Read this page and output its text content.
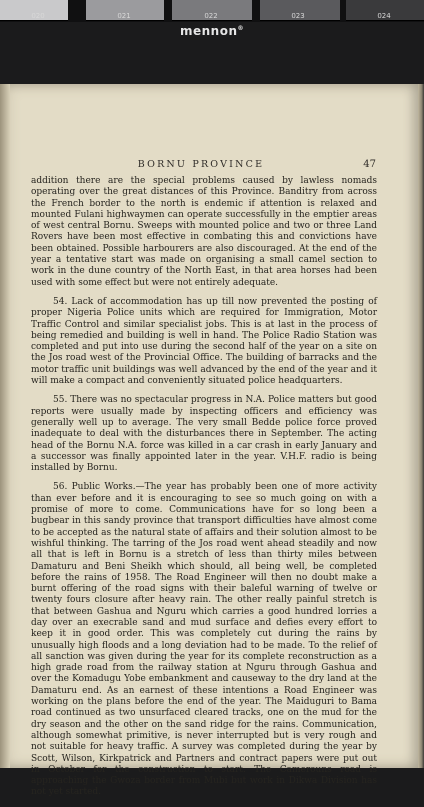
020	021	022	023	024
mennon®
BORNU PROVINCE	47

addition there are the special problems caused by lawless nomads operating over the great distances of this Province. Banditry from across the French border to the north is endemic if attention is relaxed and mounted Fulani highwaymen can operate successfully in the emptier areas of west central Bornu. Sweeps with mounted police and two or three Land Rovers have been most effective in combating this and convictions have been obtained. Possible harbourers are also discouraged. At the end of the year a tentative start was made on organising a small camel section to work in the dune country of the North East, in that area horses had been used with some effect but were not entirely adequate.

54. Lack of accommodation has up till now prevented the posting of proper Nigeria Police units which are required for Immigration, Motor Traffic Control and similar specialist jobs. This is at last in the process of being remedied and building is well in hand. The Police Radio Station was completed and put into use during the second half of the year on a site on the Jos road west of the Provincial Office. The building of barracks and the motor traffic unit buildings was well advanced by the end of the year and it will make a compact and conveniently situated police headquarters.

55. There was no spectacular progress in N.A. Police matters but good reports were usually made by inspecting officers and efficiency was generally well up to average. The very small Bedde police force proved inadequate to deal with the disturbances there in September. The acting head of the Bornu N.A. force was killed in a car crash in early January and a successor was finally appointed later in the year. V.H.F. radio is being installed by Bornu.

56. Public Works.—The year has probably been one of more activity than ever before and it is encouraging to see so much going on with a promise of more to come. Communications have for so long been a bugbear in this sandy province that transport difficulties have almost come to be accepted as the natural state of affairs and their solution almost to be wishful thinking. The tarring of the Jos road went ahead steadily and now all that is left in Bornu is a stretch of less than thirty miles between Damaturu and Beni Sheikh which should, all being well, be completed before the rains of 1958. The Road Engineer will then no doubt make a burnt offering of the road signs with their baleful warning of twelve or twenty fours closure after heavy rain. The other really painful stretch is that between Gashua and Nguru which carries a good hundred lorries a day over an execrable sand and mud surface and defies every effort to keep it in good order. This was completely cut during the rains by unusually high floods and a long deviation had to be made. To the relief of all sanction was given during the year for its complete reconstruction as a high grade road from the railway station at Nguru through Gashua and over the Komadugu Yobe embankment and causeway to the dry land at the Damaturu end. As an earnest of these intentions a Road Engineer was working on the plans before the end of the year. The Maiduguri to Bama road continued as two unsurfaced cleared tracks, one on the mud for the dry season and the other on the sand ridge for the rains. Communication, although somewhat primitive, is never interrupted but is very rough and not suitable for heavy traffic. A survey was completed during the year by Scott, Wilson, Kirkpatrick and Partners and contract papers were put out in October for the construction to start. The Camerouns road is approaching the Gwoza border from Mubi but work in Dikwa Division has not yet started.
